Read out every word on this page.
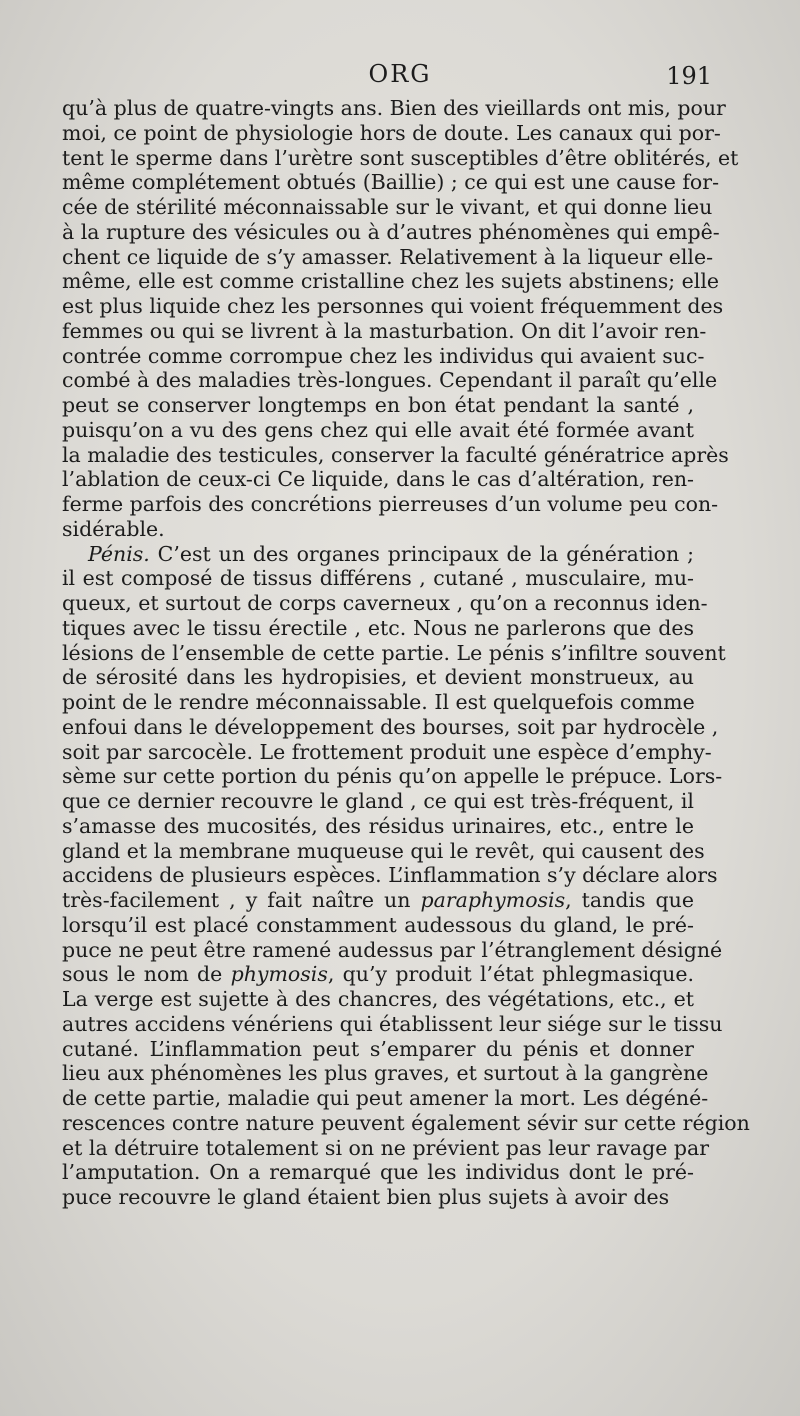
ORG	191
qu’à plus de quatre-vingts ans. Bien des vieillards ont mis, pour
moi, ce point de physiologie hors de doute. Les canaux qui por-
tent le sperme dans l’urètre sont susceptibles d’être oblitérés, et
même complétement obtués (Baillie) ; ce qui est une cause for-
cée de stérilité méconnaissable sur le vivant, et qui donne lieu
à la rupture des vésicules ou à d’autres phénomènes qui empê-
chent ce liquide de s’y amasser. Relativement à la liqueur elle-
même, elle est comme cristalline chez les sujets abstinens; elle
est plus liquide chez les personnes qui voient fréquemment des
femmes ou qui se livrent à la masturbation. On dit l’avoir ren-
contrée comme corrompue chez les individus qui avaient suc-
combé à des maladies très-longues. Cependant il paraît qu’elle
peut se conserver longtemps en bon état pendant la santé ,
puisqu’on a vu des gens chez qui elle avait été formée avant
la maladie des testicules, conserver la faculté génératrice après
l’ablation de ceux-ci Ce liquide, dans le cas d’altération, ren-
ferme parfois des concrétions pierreuses d’un volume peu con-
sidérable.
Pénis. C’est un des organes principaux de la génération ;
il est composé de tissus différens , cutané , musculaire, mu-
queux, et surtout de corps caverneux , qu’on a reconnus iden-
tiques avec le tissu érectile , etc. Nous ne parlerons que des
lésions de l’ensemble de cette partie. Le pénis s’infiltre souvent
de sérosité dans les hydropisies, et devient monstrueux, au
point de le rendre méconnaissable. Il est quelquefois comme
enfoui dans le développement des bourses, soit par hydrocèle ,
soit par sarcocèle. Le frottement produit une espèce d’emphy-
sème sur cette portion du pénis qu’on appelle le prépuce. Lors-
que ce dernier recouvre le gland , ce qui est très-fréquent, il
s’amasse des mucosités, des résidus urinaires, etc., entre le
gland et la membrane muqueuse qui le revêt, qui causent des
accidens de plusieurs espèces. L’inflammation s’y déclare alors
très-facilement , y fait naître un paraphymosis, tandis que
lorsqu’il est placé constamment audessous du gland, le pré-
puce ne peut être ramené audessus par l’étranglement désigné
sous le nom de phymosis, qu’y produit l’état phlegmasique.
La verge est sujette à des chancres, des végétations, etc., et
autres accidens vénériens qui établissent leur siége sur le tissu
cutané. L’inflammation peut s’emparer du pénis et donner
lieu aux phénomènes les plus graves, et surtout à la gangrène
de cette partie, maladie qui peut amener la mort. Les dégéné-
rescences contre nature peuvent également sévir sur cette région
et la détruire totalement si on ne prévient pas leur ravage par
l’amputation. On a remarqué que les individus dont le pré-
puce recouvre le gland étaient bien plus sujets à avoir des
